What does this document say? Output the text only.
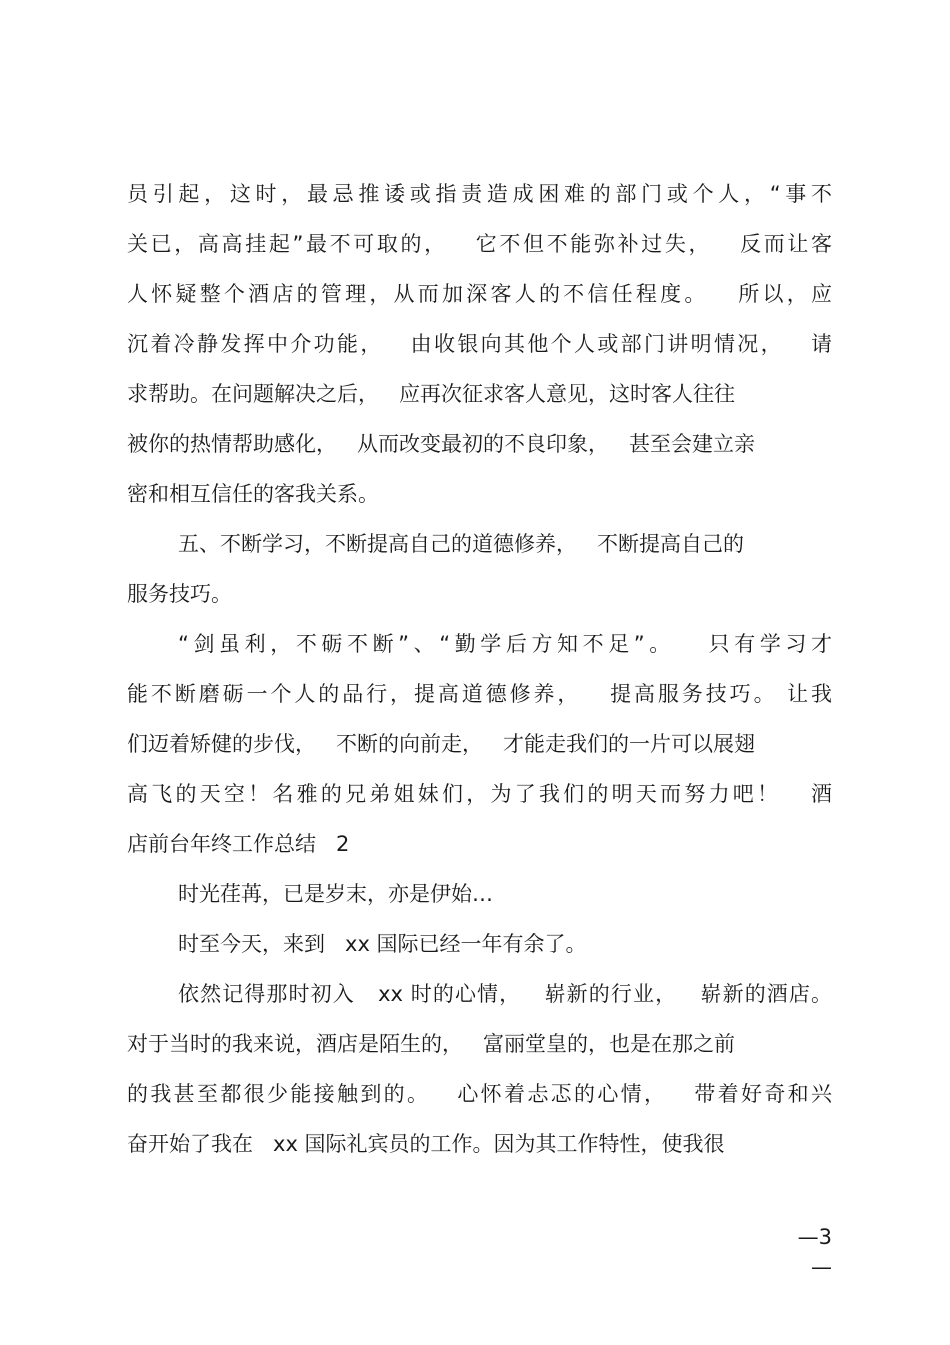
员引起，这时，最忌推诿或指责造成困难的部门或个人，“事不
关已，高高挂起”最不可取的，   它不但不能弥补过失，   反而让客
人怀疑整个酒店的管理，从而加深客人的不信任程度。   所以，应
沉着冷静发挥中介功能，   由收银向其他个人或部门讲明情况，   请
求帮助。在问题解决之后，   应再次征求客人意见，这时客人往往
被你的热情帮助感化，   从而改变最初的不良印象，   甚至会建立亲
密和相互信任的客我关系。
五、不断学习，不断提高自己的道德修养，   不断提高自己的
服务技巧。
“剑虽利，不砺不断”、“勤学后方知不足”。   只有学习才
能不断磨砺一个人的品行，提高道德修养，   提高服务技巧。 让我
们迈着矫健的步伐，   不断的向前走，   才能走我们的一片可以展翅
高飞的天空！名雅的兄弟姐妹们，为了我们的明天而努力吧！   酒
店前台年终工作总结   2
时光荏苒，已是岁末，亦是伊始…
时至今天，来到   xx 国际已经一年有余了。
依然记得那时初入   xx 时的心情，   崭新的行业，   崭新的酒店。
对于当时的我来说，酒店是陌生的，   富丽堂皇的，也是在那之前
的我甚至都很少能接触到的。   心怀着忐忑的心情，   带着好奇和兴
奋开始了我在   xx 国际礼宾员的工作。因为其工作特性，使我很
—3—
